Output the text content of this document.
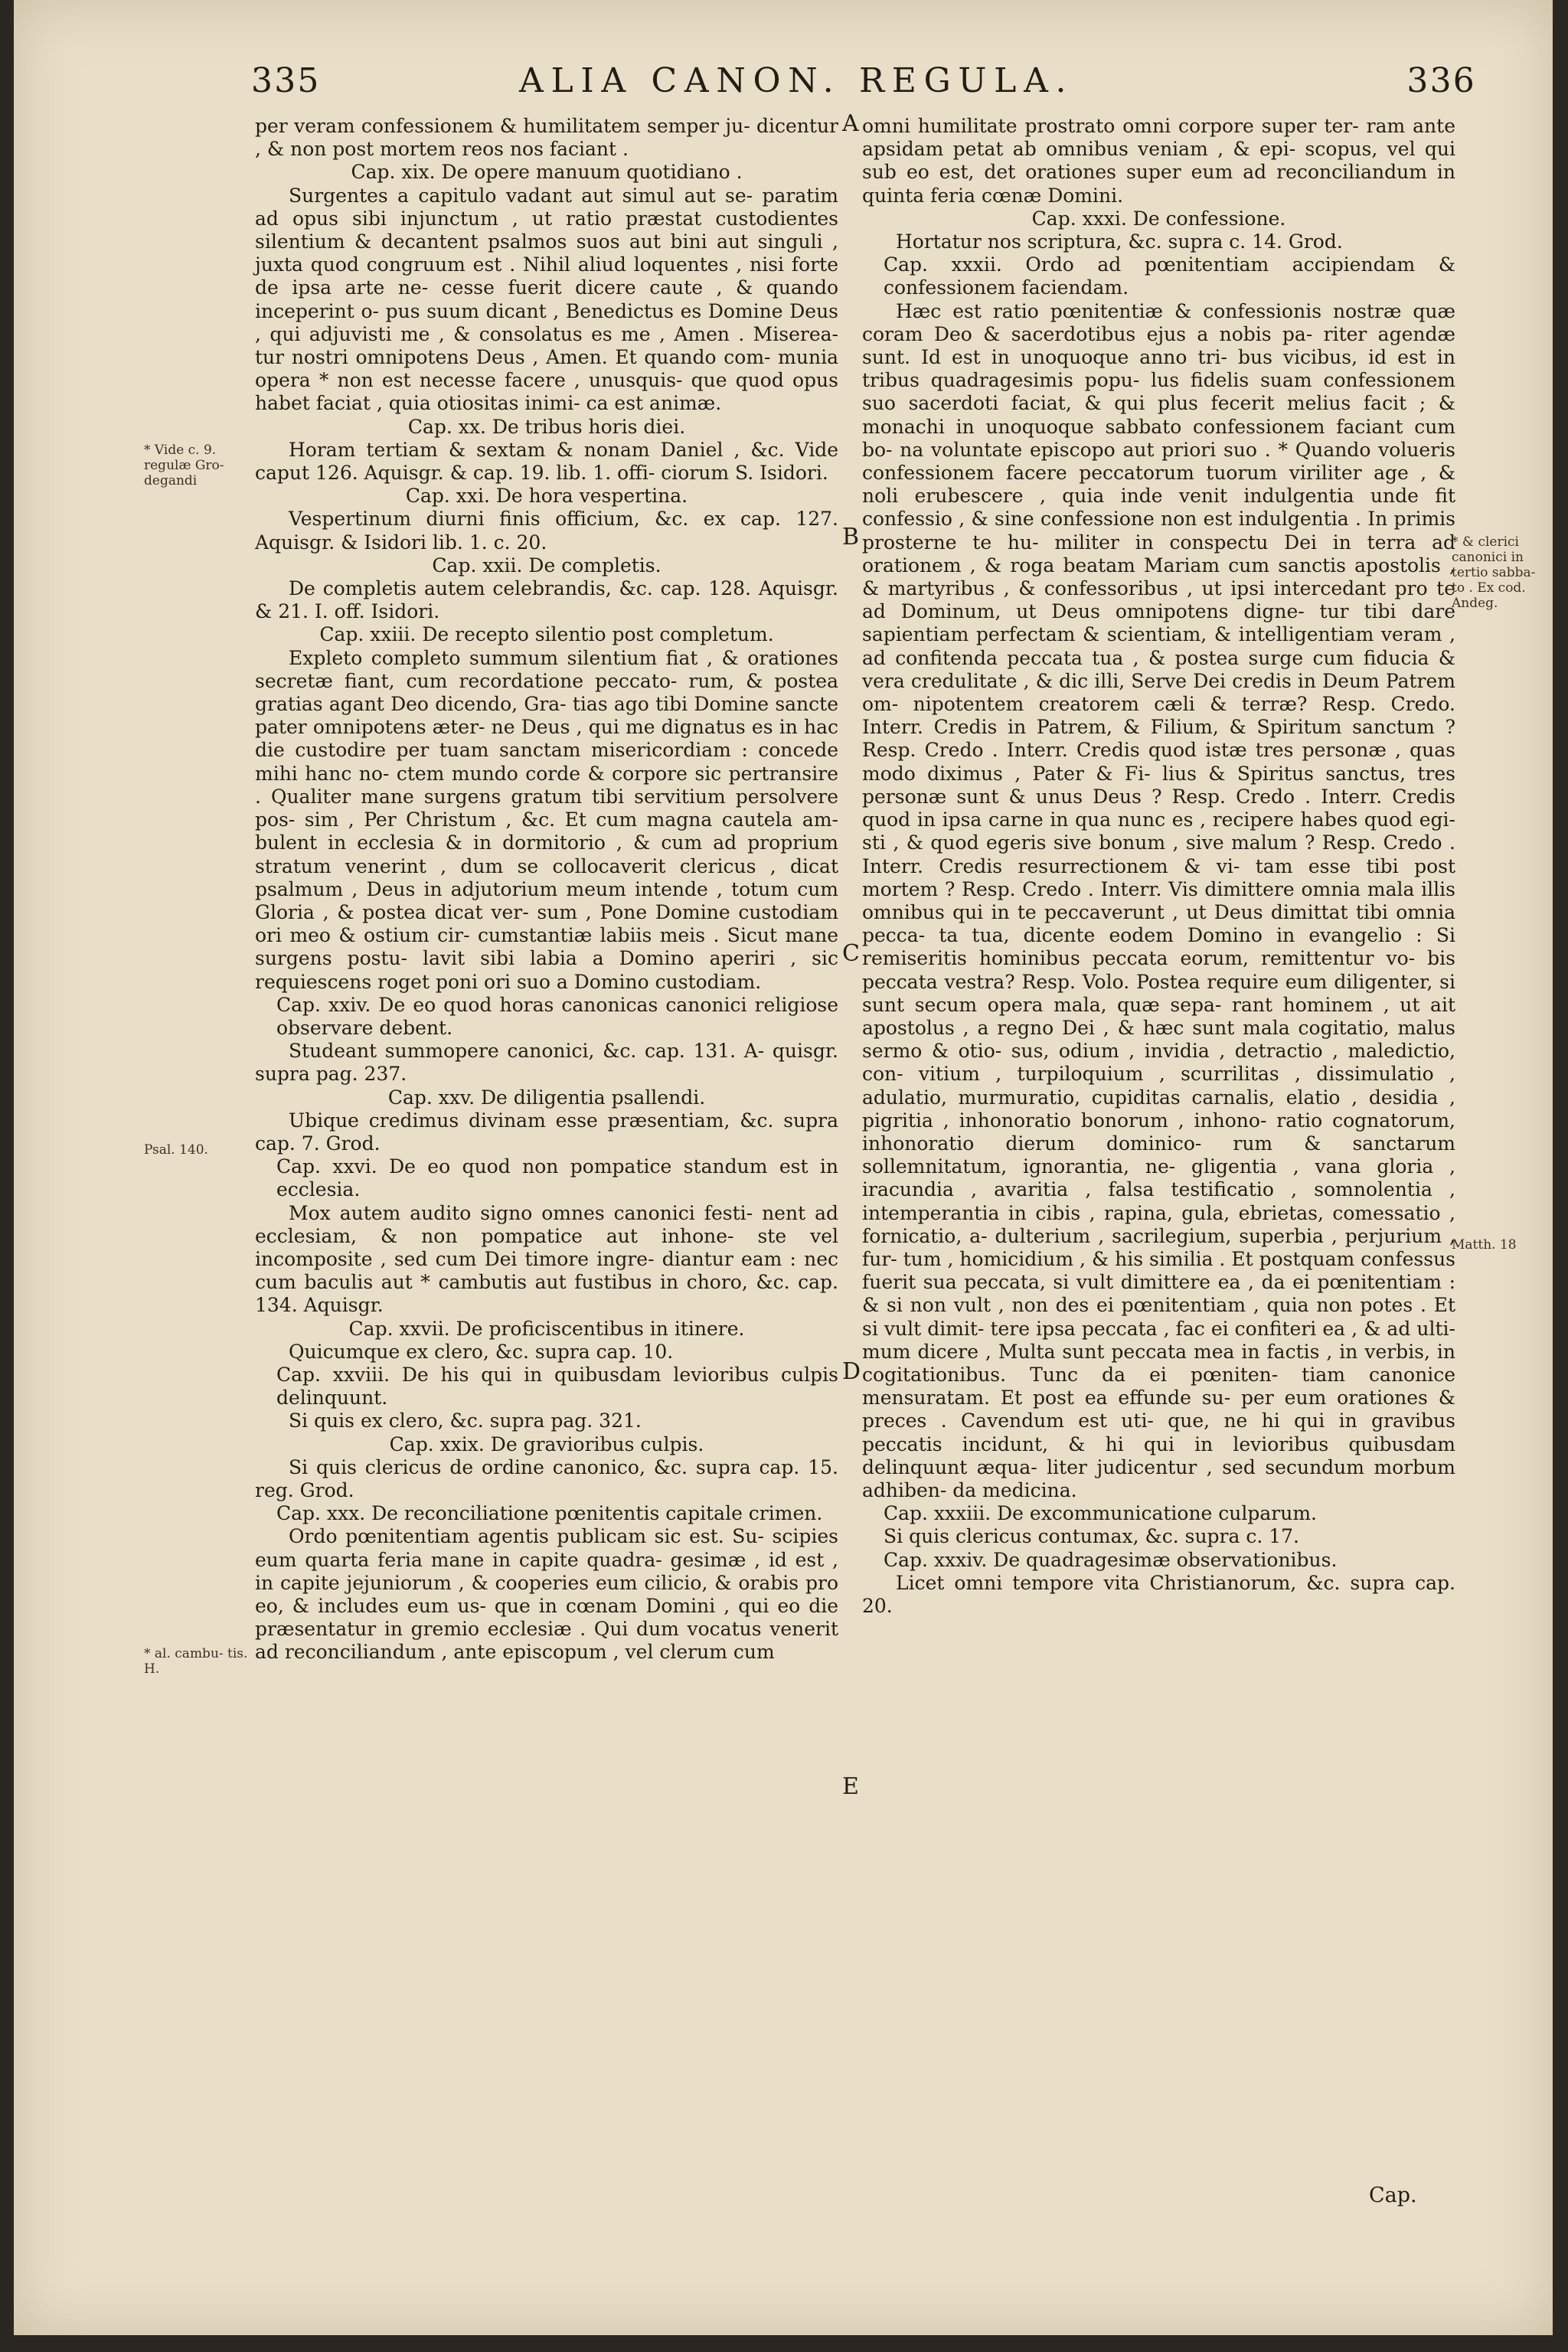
335	ALIA CANON. REGULA.	336

per veram confessionem & humilitatem semper ju- dicentur , & non post mortem reos nos faciant .

Cap. xix. De opere manuum quotidiano .

Surgentes a capitulo vadant aut simul aut se- paratim ad opus sibi injunctum , ut ratio præstat custodientes silentium & decantent psalmos suos aut bini aut singuli , juxta quod congruum est . Nihil aliud loquentes , nisi forte de ipsa arte ne- cesse fuerit dicere caute , & quando inceperint o- pus suum dicant , Benedictus es Domine Deus , qui adjuvisti me , & consolatus es me , Amen . Miserea- tur nostri omnipotens Deus , Amen. Et quando com- munia opera * non est necesse facere , unusquis- que quod opus habet faciat , quia otiositas inimi- ca est animæ.

Cap. xx. De tribus horis diei.

Horam tertiam & sextam & nonam Daniel , &c. Vide caput 126. Aquisgr. & cap. 19. lib. 1. offi- ciorum S. Isidori.

Cap. xxi. De hora vespertina.

Vespertinum diurni finis officium, &c. ex cap. 127. Aquisgr. & Isidori lib. 1. c. 20.

Cap. xxii. De completis.

De completis autem celebrandis, &c. cap. 128. Aquisgr. & 21. I. off. Isidori.

Cap. xxiii. De recepto silentio post completum.

Expleto completo summum silentium fiat , & orationes secretæ fiant, cum recordatione peccato- rum, & postea gratias agant Deo dicendo, Gra- tias ago tibi Domine sancte pater omnipotens æter- ne Deus , qui me dignatus es in hac die custodire per tuam sanctam misericordiam : concede mihi hanc no- ctem mundo corde & corpore sic pertransire . Qualiter mane surgens gratum tibi servitium persolvere pos- sim , Per Christum , &c. Et cum magna cautela am- bulent in ecclesia & in dormitorio , & cum ad proprium stratum venerint , dum se collocaverit clericus , dicat psalmum , Deus in adjutorium meum intende , totum cum Gloria , & postea dicat ver- sum , Pone Domine custodiam ori meo & ostium cir- cumstantiæ labiis meis . Sicut mane surgens postu- lavit sibi labia a Domino aperiri , sic requiescens roget poni ori suo a Domino custodiam.

Cap. xxiv. De eo quod horas canonicas canonici religiose observare debent.

Studeant summopere canonici, &c. cap. 131. A- quisgr. supra pag. 237.

Cap. xxv. De diligentia psallendi.

Ubique credimus divinam esse præsentiam, &c. supra cap. 7. Grod.

Cap. xxvi. De eo quod non pompatice standum est in ecclesia.

Mox autem audito signo omnes canonici festi- nent ad ecclesiam, & non pompatice aut inhone- ste vel incomposite , sed cum Dei timore ingre- diantur eam : nec cum baculis aut * cambutis aut fustibus in choro, &c. cap. 134. Aquisgr.

Cap. xxvii. De proficiscentibus in itinere.

Quicumque ex clero, &c. supra cap. 10.

Cap. xxviii. De his qui in quibusdam levioribus culpis delinquunt.

Si quis ex clero, &c. supra pag. 321.

Cap. xxix. De gravioribus culpis.

Si quis clericus de ordine canonico, &c. supra cap. 15. reg. Grod.

Cap. xxx. De reconciliatione pœnitentis capitale crimen.

Ordo pœnitentiam agentis publicam sic est. Su- scipies eum quarta feria mane in capite quadra- gesimæ , id est , in capite jejuniorum , & cooperies eum cilicio, & orabis pro eo, & includes eum us- que in cœnam Domini , qui eo die præsentatur in gremio ecclesiæ . Qui dum vocatus venerit ad reconciliandum , ante episcopum , vel clerum cum

omni humilitate prostrato omni corpore super ter- ram ante apsidam petat ab omnibus veniam , & epi- scopus, vel qui sub eo est, det orationes super eum ad reconciliandum in quinta feria cœnæ Domini.

Cap. xxxi. De confessione.

Hortatur nos scriptura, &c. supra c. 14. Grod.

Cap. xxxii. Ordo ad pœnitentiam accipiendam & confessionem faciendam.

Hæc est ratio pœnitentiæ & confessionis nostræ quæ coram Deo & sacerdotibus ejus a nobis pa- riter agendæ sunt. Id est in unoquoque anno tri- bus vicibus, id est in tribus quadragesimis popu- lus fidelis suam confessionem suo sacerdoti faciat, & qui plus fecerit melius facit ; & monachi in unoquoque sabbato confessionem faciant cum bo- na voluntate episcopo aut priori suo . * Quando volueris confessionem facere peccatorum tuorum viriliter age , & noli erubescere , quia inde venit indulgentia unde fit confessio , & sine confessione non est indulgentia . In primis prosterne te hu- militer in conspectu Dei in terra ad orationem , & roga beatam Mariam cum sanctis apostolis , & martyribus , & confessoribus , ut ipsi intercedant pro te ad Dominum, ut Deus omnipotens digne- tur tibi dare sapientiam perfectam & scientiam, & intelligentiam veram , ad confitenda peccata tua , & postea surge cum fiducia & vera credulitate , & dic illi, Serve Dei credis in Deum Patrem om- nipotentem creatorem cæli & terræ? Resp. Credo. Interr. Credis in Patrem, & Filium, & Spiritum sanctum ? Resp. Credo . Interr. Credis quod istæ tres personæ , quas modo diximus , Pater & Fi- lius & Spiritus sanctus, tres personæ sunt & unus Deus ? Resp. Credo . Interr. Credis quod in ipsa carne in qua nunc es , recipere habes quod egi- sti , & quod egeris sive bonum , sive malum ? Resp. Credo . Interr. Credis resurrectionem & vi- tam esse tibi post mortem ? Resp. Credo . Interr. Vis dimittere omnia mala illis omnibus qui in te peccaverunt , ut Deus dimittat tibi omnia pecca- ta tua, dicente eodem Domino in evangelio : Si remiseritis hominibus peccata eorum, remittentur vo- bis peccata vestra? Resp. Volo. Postea require eum diligenter, si sunt secum opera mala, quæ sepa- rant hominem , ut ait apostolus , a regno Dei , & hæc sunt mala cogitatio, malus sermo & otio- sus, odium , invidia , detractio , maledictio, con- vitium , turpiloquium , scurrilitas , dissimulatio , adulatio, murmuratio, cupiditas carnalis, elatio , desidia , pigritia , inhonoratio bonorum , inhono- ratio cognatorum, inhonoratio dierum dominico- rum & sanctarum sollemnitatum, ignorantia, ne- gligentia , vana gloria , iracundia , avaritia , falsa testificatio , somnolentia , intemperantia in cibis , rapina, gula, ebrietas, comessatio , fornicatio, a- dulterium , sacrilegium, superbia , perjurium , fur- tum , homicidium , & his similia . Et postquam confessus fuerit sua peccata, si vult dimittere ea , da ei pœnitentiam : & si non vult , non des ei pœnitentiam , quia non potes . Et si vult dimit- tere ipsa peccata , fac ei confiteri ea , & ad ulti- mum dicere , Multa sunt peccata mea in factis , in verbis, in cogitationibus. Tunc da ei pœniten- tiam canonice mensuratam. Et post ea effunde su- per eum orationes & preces . Cavendum est uti- que, ne hi qui in gravibus peccatis incidunt, & hi qui in levioribus quibusdam delinquunt æqua- liter judicentur , sed secundum morbum adhiben- da medicina.

Cap. xxxiii. De excommunicatione culparum.

Si quis clericus contumax, &c. supra c. 17.

Cap. xxxiv. De quadragesimæ observationibus.

Licet omni tempore vita Christianorum, &c. supra cap. 20.

* Vide c. 9. regulæ Gro- degandi
Psal. 140.
* al. cambu- tis. H.
* & clerici canonici in tertio sabba- to . Ex cod. Andeg.
Matth. 18
A
B
C
D
E
Cap.
